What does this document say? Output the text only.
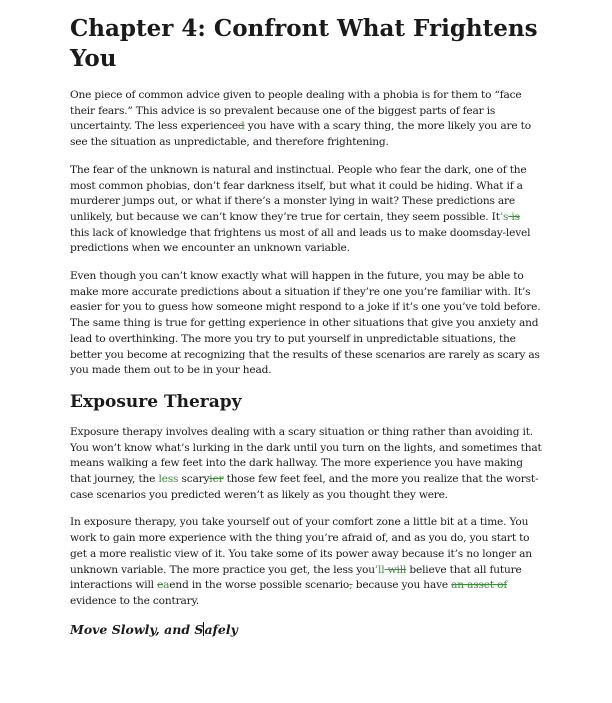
Chapter 4: Confront What Frightens You

One piece of common advice given to people dealing with a phobia is for them to “face their fears.” This advice is so prevalent because one of the biggest parts of fear is uncertainty. The less experienced you have with a scary thing, the more likely you are to see the situation as unpredictable, and therefore frightening.

The fear of the unknown is natural and instinctual. People who fear the dark, one of the most common phobias, don’t fear darkness itself, but what it could be hiding. What if a murderer jumps out, or what if there’s a monster lying in wait? These predictions are unlikely, but because we can’t know they’re true for certain, they seem possible. It’s is this lack of knowledge that frightens us most of all and leads us to make doomsday-level predictions when we encounter an unknown variable.

Even though you can’t know exactly what will happen in the future, you may be able to make more accurate predictions about a situation if they’re one you’re familiar with. It’s easier for you to guess how someone might respond to a joke if it’s one you’ve told before. The same thing is true for getting experience in other situations that give you anxiety and lead to overthinking. The more you try to put yourself in unpredictable situations, the better you become at recognizing that the results of these scenarios are rarely as scary as you made them out to be in your head.

Exposure Therapy

Exposure therapy involves dealing with a scary situation or thing rather than avoiding it. You won’t know what’s lurking in the dark until you turn on the lights, and sometimes that means walking a few feet into the dark hallway. The more experience you have making that journey, the less scaryier those few feet feel, and the more you realize that the worst-case scenarios you predicted weren’t as likely as you thought they were.

In exposure therapy, you take yourself out of your comfort zone a little bit at a time. You work to gain more experience with the thing you’re afraid of, and as you do, you start to get a more realistic view of it. You take some of its power away because it’s no longer an unknown variable. The more practice you get, the less you’ll will believe that all future interactions will eaend in the worse possible scenario; because you have an asset of evidence to the contrary.

Move Slowly, and Safely
